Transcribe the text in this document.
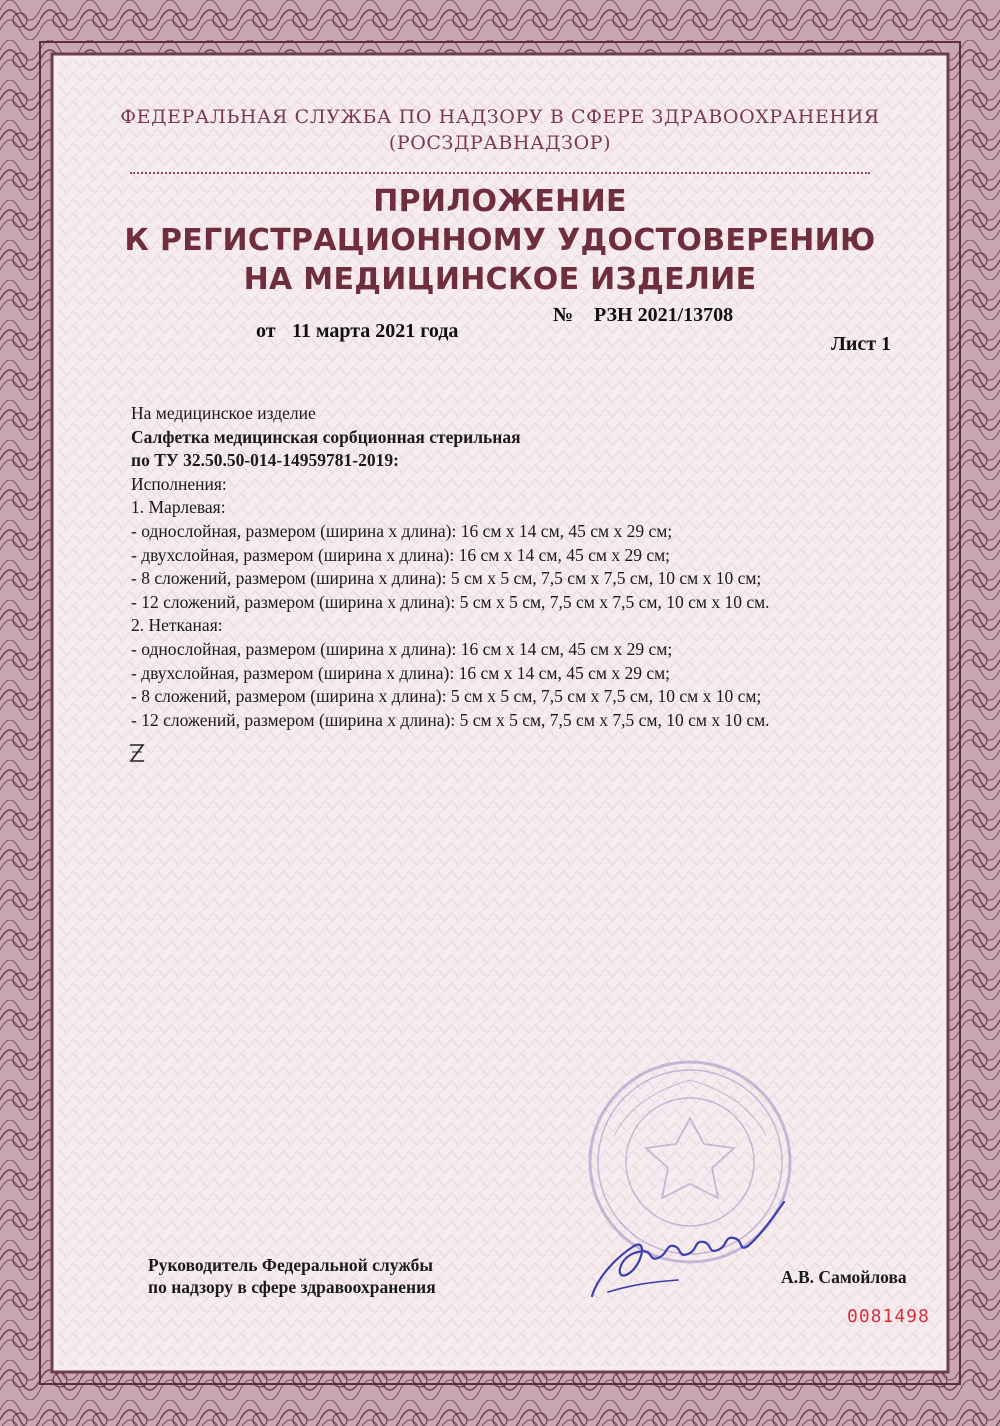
ФЕДЕРАЛЬНАЯ СЛУЖБА ПО НАДЗОРУ В СФЕРЕ ЗДРАВООХРАНЕНИЯ
(РОСЗДРАВНАДЗОР)
ПРИЛОЖЕНИЕ
К РЕГИСТРАЦИОННОМУ УДОСТОВЕРЕНИЮ
НА МЕДИЦИНСКОЕ ИЗДЕЛИЕ
от 11 марта 2021 года
№ РЗН 2021/13708
Лист 1
На медицинское изделие
Салфетка медицинская сорбционная стерильная
по ТУ 32.50.50-014-14959781-2019:
Исполнения:
1. Марлевая:
- однослойная, размером (ширина х длина): 16 см х 14 см, 45 см х 29 см;
- двухслойная, размером (ширина х длина): 16 см х 14 см, 45 см х 29 см;
- 8 сложений, размером (ширина х длина): 5 см х 5 см, 7,5 см х 7,5 см, 10 см х 10 см;
- 12 сложений, размером (ширина х длина): 5 см х 5 см, 7,5 см х 7,5 см, 10 см х 10 см.
2. Нетканая:
- однослойная, размером (ширина х длина): 16 см х 14 см, 45 см х 29 см;
- двухслойная, размером (ширина х длина): 16 см х 14 см, 45 см х 29 см;
- 8 сложений, размером (ширина х длина): 5 см х 5 см, 7,5 см х 7,5 см, 10 см х 10 см;
- 12 сложений, размером (ширина х длина): 5 см х 5 см, 7,5 см х 7,5 см, 10 см х 10 см.
Руководитель Федеральной службы
по надзору в сфере здравоохранения	А.В. Самойлова
0081498
